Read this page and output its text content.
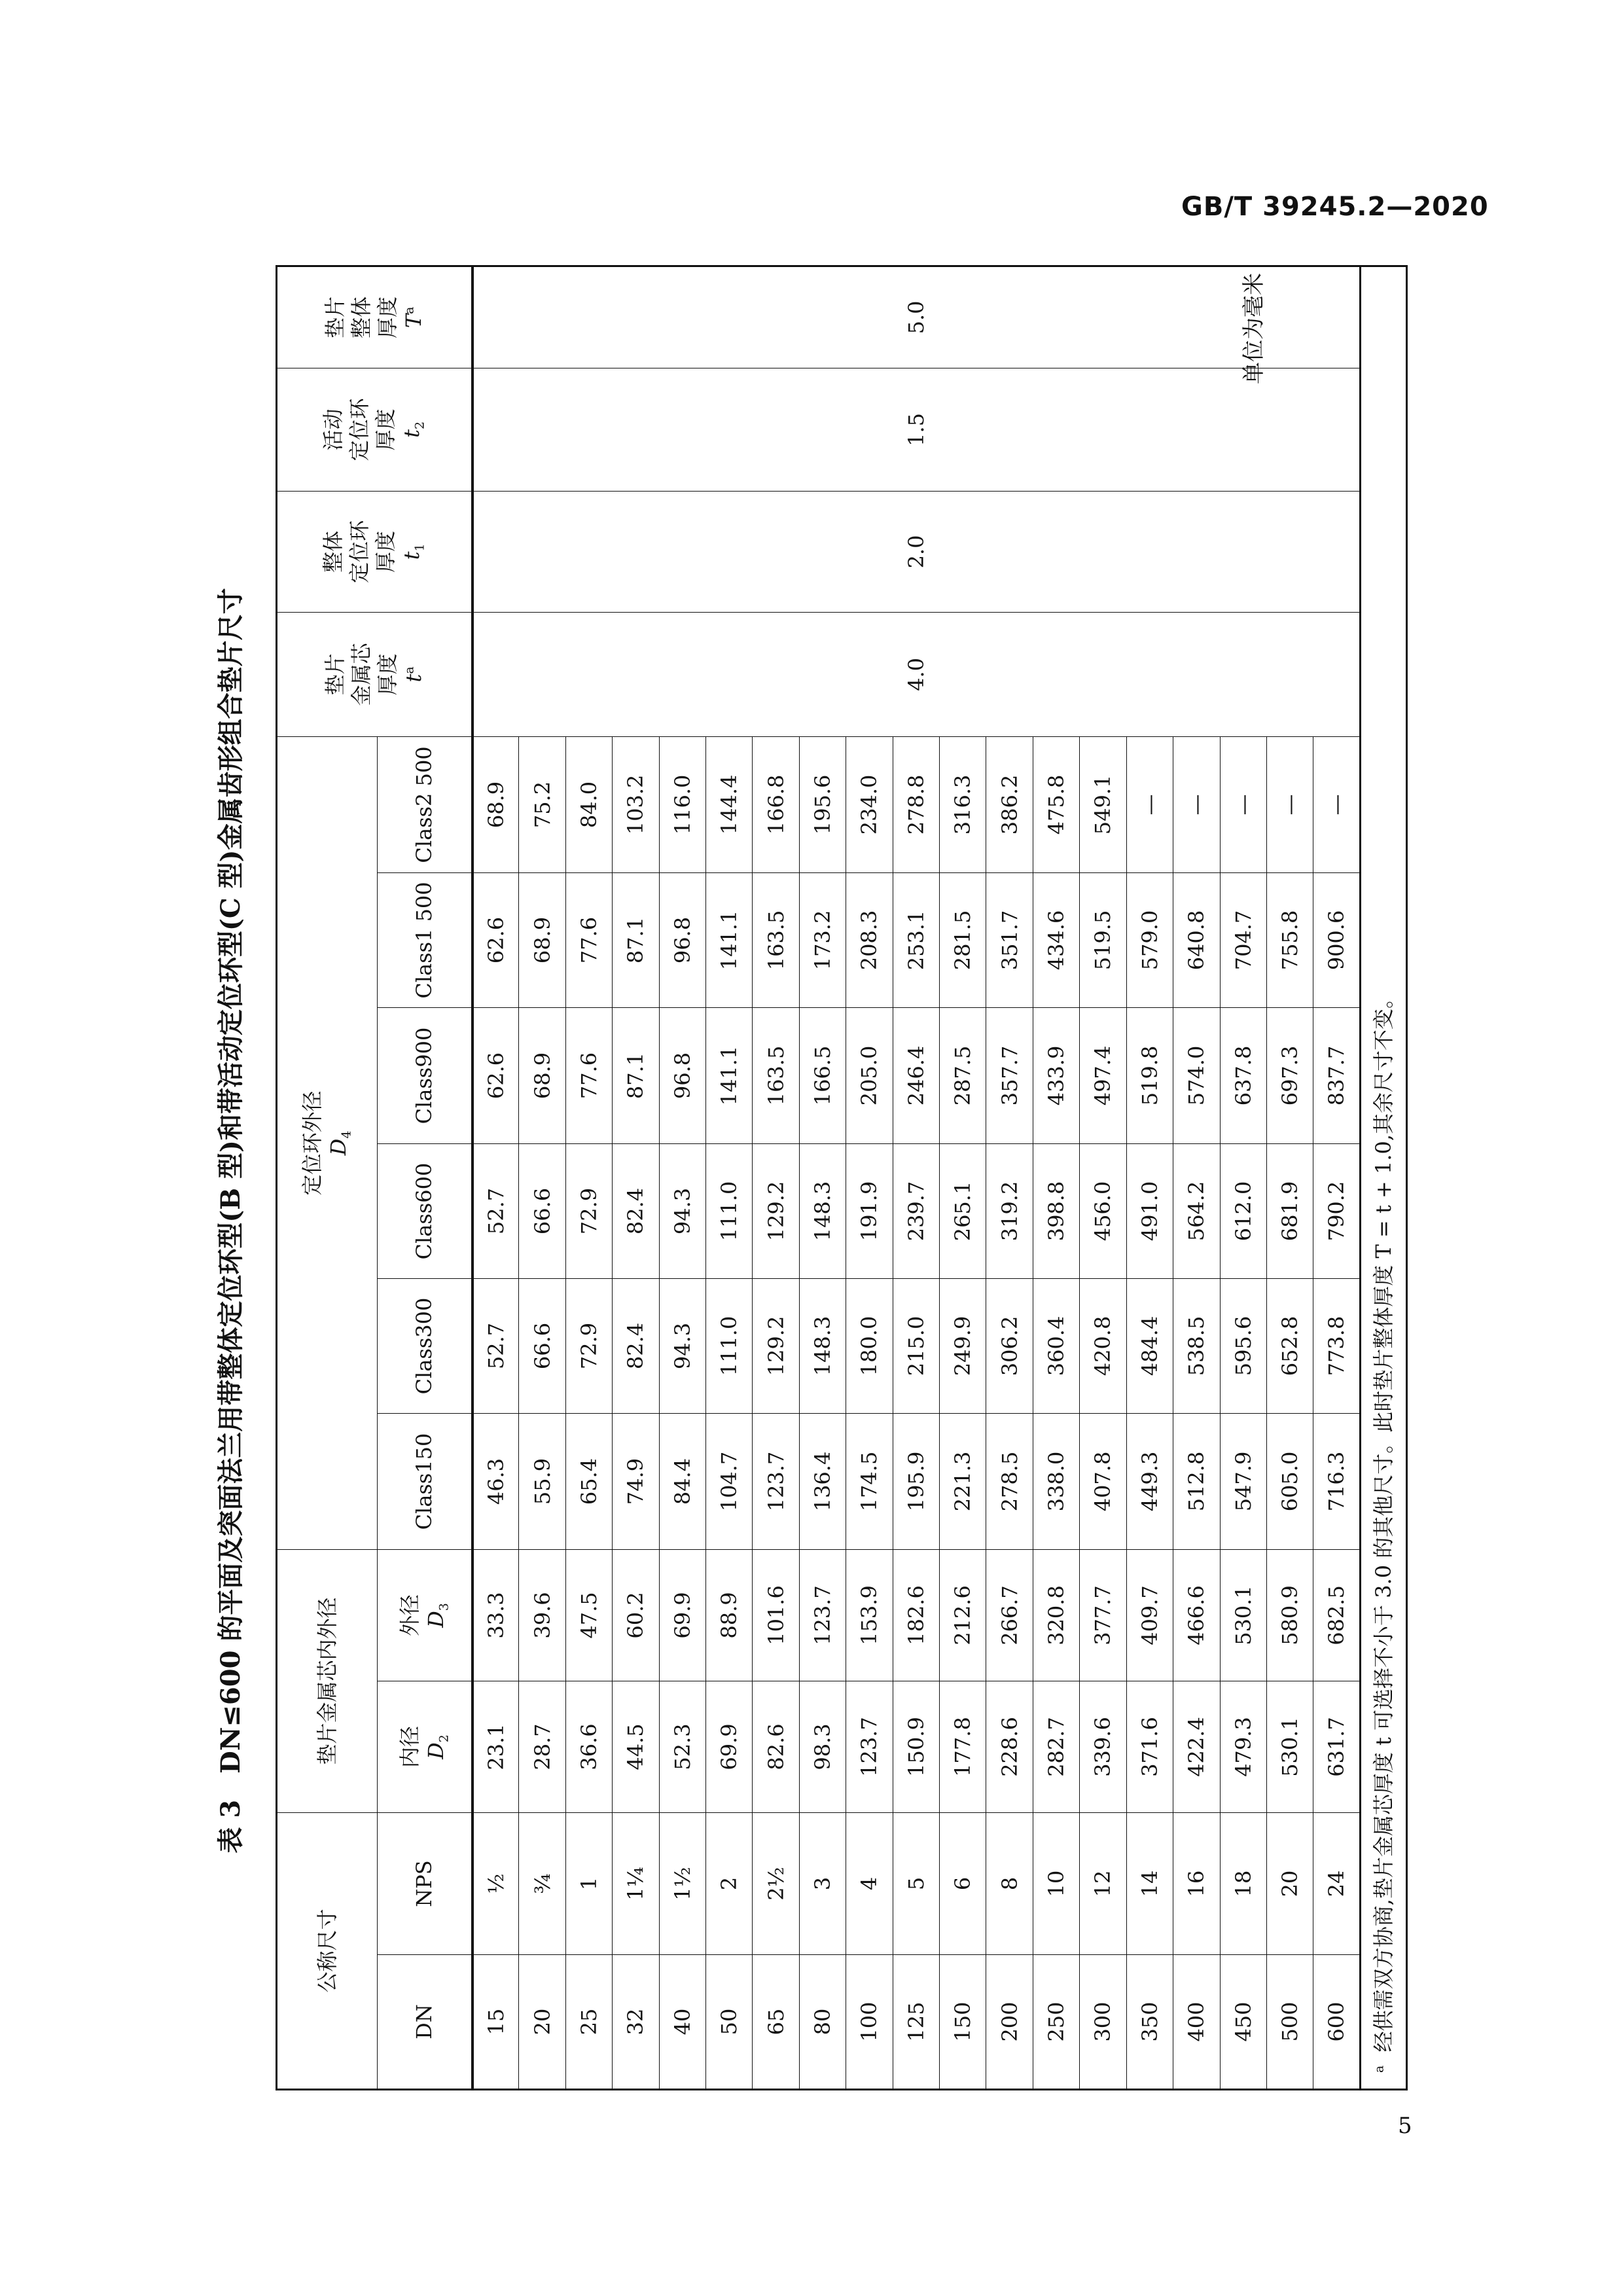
GB/T 39245.2—2020
单位为毫米
表 3　DN≤600 的平面及突面法兰用带整体定位环型(B 型)和带活动定位环型(C 型)金属齿形组合垫片尺寸
公称尺寸		垫片金属芯内外径		定位环外径 $D_4$						垫片 金属芯 厚度 $t^a$	整体 定位环 厚度 $t_1$	活动 定位环 厚度 $t_2$	垫片 整体 厚度 $T^a$

DN	NPS	内径 $D_2$	外径 $D_3$	Class150	Class300	Class600	Class900	Class1 500	Class2 500				
15	½	23.1	33.3	46.3	52.7	52.7	62.6	62.6	68.9	4.0	2.0	1.5	5.0
20	¾	28.7	39.6	55.9	66.6	66.6	68.9	68.9	75.2				
25	1	36.6	47.5	65.4	72.9	72.9	77.6	77.6	84.0				
32	1¼	44.5	60.2	74.9	82.4	82.4	87.1	87.1	103.2				
40	1½	52.3	69.9	84.4	94.3	94.3	96.8	96.8	116.0				
50	2	69.9	88.9	104.7	111.0	111.0	141.1	141.1	144.4				
65	2½	82.6	101.6	123.7	129.2	129.2	163.5	163.5	166.8				
80	3	98.3	123.7	136.4	148.3	148.3	166.5	173.2	195.6				
100	4	123.7	153.9	174.5	180.0	191.9	205.0	208.3	234.0				
125	5	150.9	182.6	195.9	215.0	239.7	246.4	253.1	278.8				
150	6	177.8	212.6	221.3	249.9	265.1	287.5	281.5	316.3				
200	8	228.6	266.7	278.5	306.2	319.2	357.7	351.7	386.2				
250	10	282.7	320.8	338.0	360.4	398.8	433.9	434.6	475.8				
300	12	339.6	377.7	407.8	420.8	456.0	497.4	519.5	549.1				
350	14	371.6	409.7	449.3	484.4	491.0	519.8	579.0	—				
400	16	422.4	466.6	512.8	538.5	564.2	574.0	640.8	—				
450	18	479.3	530.1	547.9	595.6	612.0	637.8	704.7	—				
500	20	530.1	580.9	605.0	652.8	681.9	697.3	755.8	—				
600	24	631.7	682.5	716.3	773.8	790.2	837.7	900.6	—				
$^a$  经供需双方协商,垫片金属芯厚度 t 可选择不小于 3.0 的其他尺寸。此时垫片整体厚度 T = t + 1.0,其余尺寸不变。													
5
